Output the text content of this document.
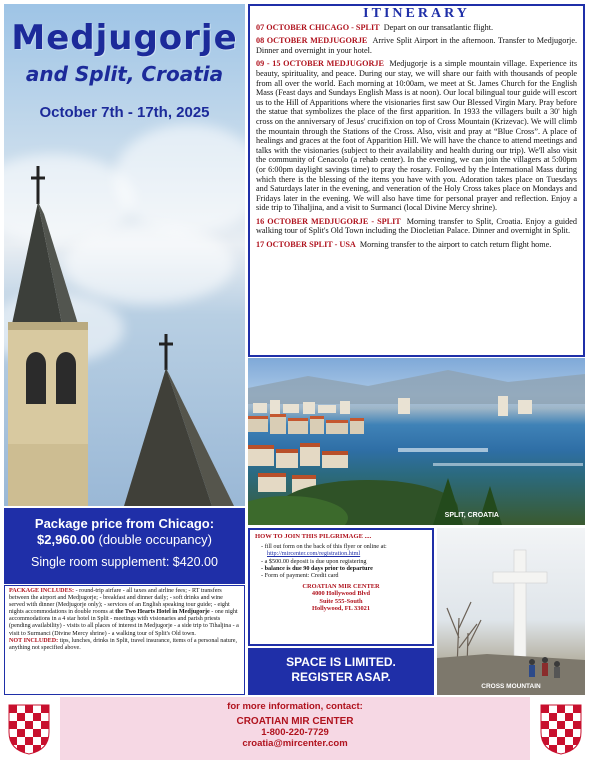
Medjugorje
and Split, Croatia
October 7th - 17th, 2025
ITINERARY

07 OCTOBER CHICAGO - SPLIT Depart on our transatlantic flight.

08 OCTOBER MEDJUGORJE Arrive Split Airport in the afternoon. Transfer to Medjugorje. Dinner and overnight in your hotel.

09 - 15 OCTOBER MEDJUGORJE Medjugorje is a simple mountain village. Experience its beauty, spirituality, and peace. During our stay, we will share our faith with thousands of people from all over the world. Each morning at 10:00am, we meet at St. James Church for the English Mass (Feast days and Sundays English Mass is at noon). Our local bilingual tour guide will escort us to the Hill of Apparitions where the visionaries first saw Our Blessed Virgin Mary. Pray before the statue that symbolizes the place of the first apparition. In 1933 the villagers built a 30' high cross on the anniversary of Jesus' crucifixion on top of Cross Mountain (Krizevac). We will climb the mountain through the Stations of the Cross. Also, visit and pray at “Blue Cross”. A place of healings and graces at the foot of Apparition Hill. We will have the chance to attend meetings and talks with the visionaries (subject to their availability and health during our trip). We'll also visit the community of Cenacolo (a rehab center). In the evening, we can join the villagers at 5:00pm (or 6:00pm daylight savings time) to pray the rosary. Followed by the International Mass during which there is the blessing of the items you have with you. Adoration takes place on Tuesdays and Saturdays later in the evening, and veneration of the Holy Cross takes place on Mondays and Fridays later in the evening. We will also have time for personal prayer and reflection. Enjoy a side trip to Tihaljina, and a visit to Surmanci (local Divine Mercy shrine).

16 OCTOBER MEDJUGORJE - SPLIT Morning transfer to Split, Croatia. Enjoy a guided walking tour of Split's Old Town including the Diocletian Palace. Dinner and overnight in Split.

17 OCTOBER SPLIT - USA Morning transfer to the airport to catch return flight home.

SPLIT, CROATIA
Package price from Chicago:
$2,960.00 (double occupancy)
Single room supplement: $420.00
PACKAGE INCLUDES: - round-trip airfare - all taxes and airline fees; - RT transfers between the airport and Medjugorje; - breakfast and dinner daily; - soft drinks and wine served with dinner (Medjugorje only); - services of an English speaking tour guide; - eight nights accommodations in double rooms at the Two Hearts Hotel in Medjugorje - one night accommodations in a 4 star hotel in Split - meetings with visionaries and parish priests (pending availability) - visits to all places of interest in Medjugorje - a side trip to Tihaljina - a visit to Surmanci (Divine Mercy shrine) - a walking tour of Split's Old town.
NOT INCLUDED: tips, lunches, drinks in Split, travel insurance, items of a personal nature, anything not specified above.
HOW TO JOIN THIS PILGRIMAGE ....
- fill out form on the back of this flyer or online at:
http://mircenter.com/registration.html
- a $500.00 deposit is due upon registering
- balance is due 90 days prior to departure
- Form of payment: Credit card
CROATIAN MIR CENTER
4000 Hollywood Blvd
Suite 555-South
Hollywood, FL 33021
SPACE IS LIMITED.
REGISTER ASAP.
CROSS MOUNTAIN
for more information, contact:
CROATIAN MIR CENTER
1-800-220-7729
croatia@mircenter.com
